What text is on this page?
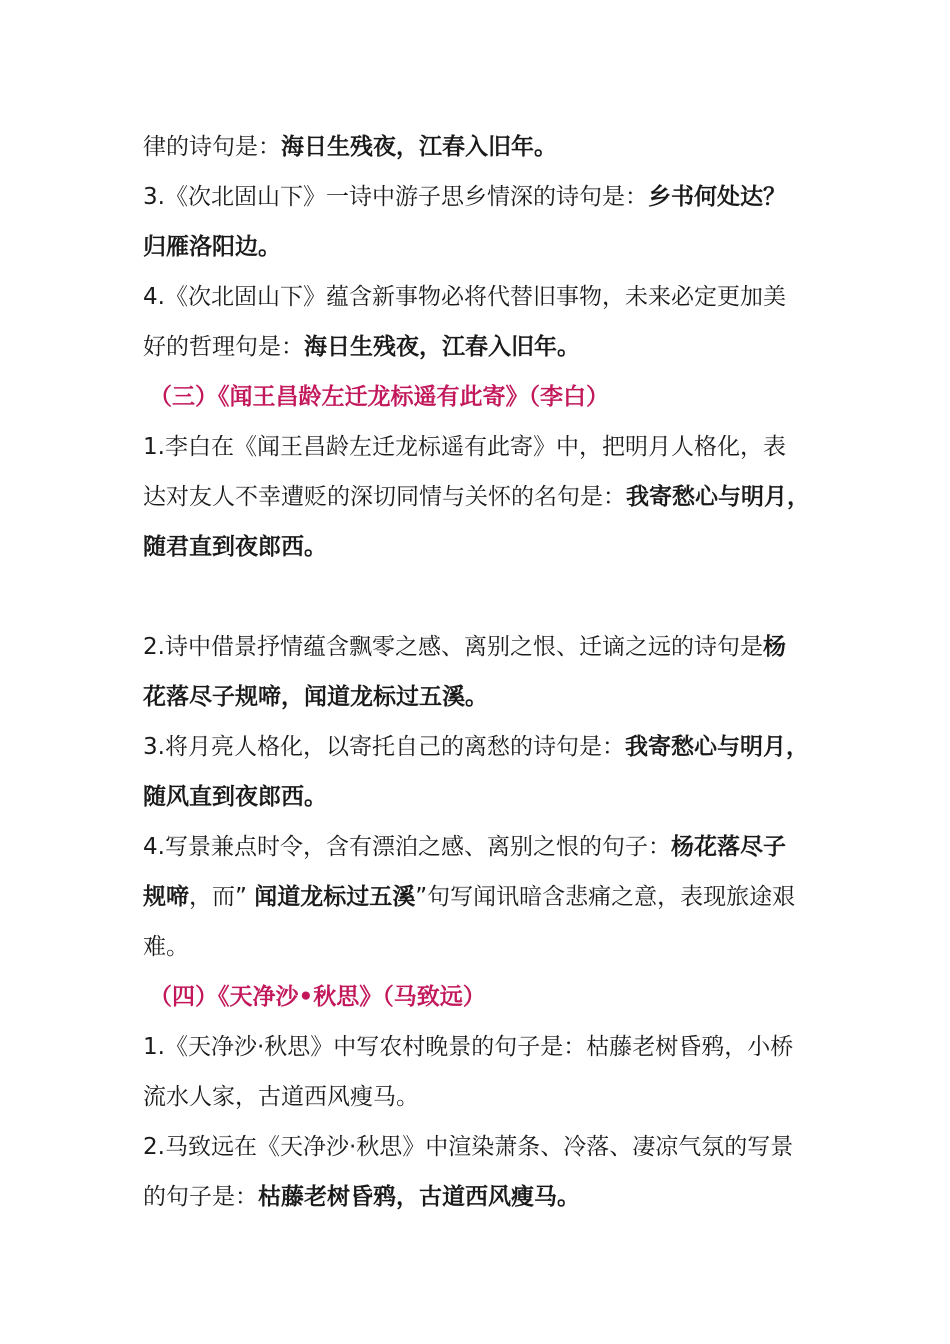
律的诗句是：海日生残夜，江春入旧年。
3.《次北固山下》一诗中游子思乡情深的诗句是：乡书何处达？
归雁洛阳边。
4.《次北固山下》蕴含新事物必将代替旧事物，未来必定更加美
好的哲理句是：海日生残夜，江春入旧年。
（三）《闻王昌龄左迁龙标遥有此寄》（李白）
1.李白在《闻王昌龄左迁龙标遥有此寄》中，把明月人格化，表
达对友人不幸遭贬的深切同情与关怀的名句是：我寄愁心与明月，
随君直到夜郎西。
2.诗中借景抒情蕴含飘零之感、离别之恨、迁谪之远的诗句是杨
花落尽子规啼，闻道龙标过五溪。
3.将月亮人格化，以寄托自己的离愁的诗句是：我寄愁心与明月，
随风直到夜郎西。
4.写景兼点时令，含有漂泊之感、离别之恨的句子：杨花落尽子
规啼，而” 闻道龙标过五溪”句写闻讯暗含悲痛之意，表现旅途艰
难。
（四）《天净沙•秋思》（马致远）
1.《天净沙·秋思》中写农村晚景的句子是：枯藤老树昏鸦，小桥
流水人家，古道西风瘦马。
2.马致远在《天净沙·秋思》中渲染萧条、冷落、凄凉气氛的写景
的句子是：枯藤老树昏鸦，古道西风瘦马。
